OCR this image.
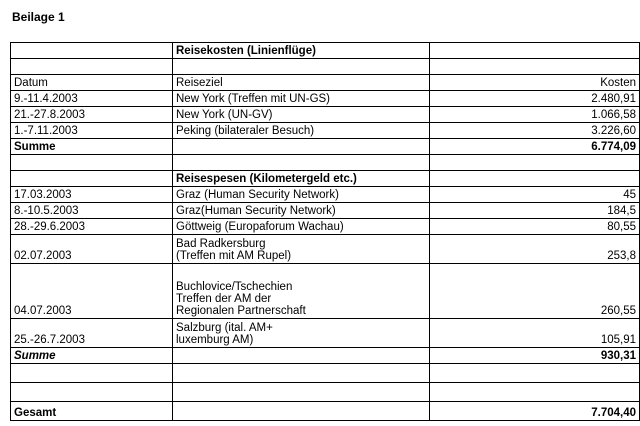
Beilage 1
	Reisekosten (Linienflüge)	

Datum	Reiseziel	Kosten
9.-11.4.2003	New York (Treffen mit UN-GS)	2.480,91
21.-27.8.2003	New York (UN-GV)	1.066,58
1.-7.11.2003	Peking (bilateraler Besuch)	3.226,60
Summe		6.774,09

	Reisespesen (Kilometergeld etc.)	
17.03.2003	Graz (Human Security Network)	45
8.-10.5.2003	Graz(Human Security Network)	184,5
28.-29.6.2003	Göttweig (Europaforum Wachau)	80,55
02.07.2003	Bad Radkersburg
(Treffen mit AM Rupel)	253,8
04.07.2003	Buchlovice/Tschechien
Treffen der AM der
Regionalen Partnerschaft	260,55
25.-26.7.2003	Salzburg (ital. AM+
luxemburg AM)	105,91
Summe		930,31

Gesamt		7.704,40
